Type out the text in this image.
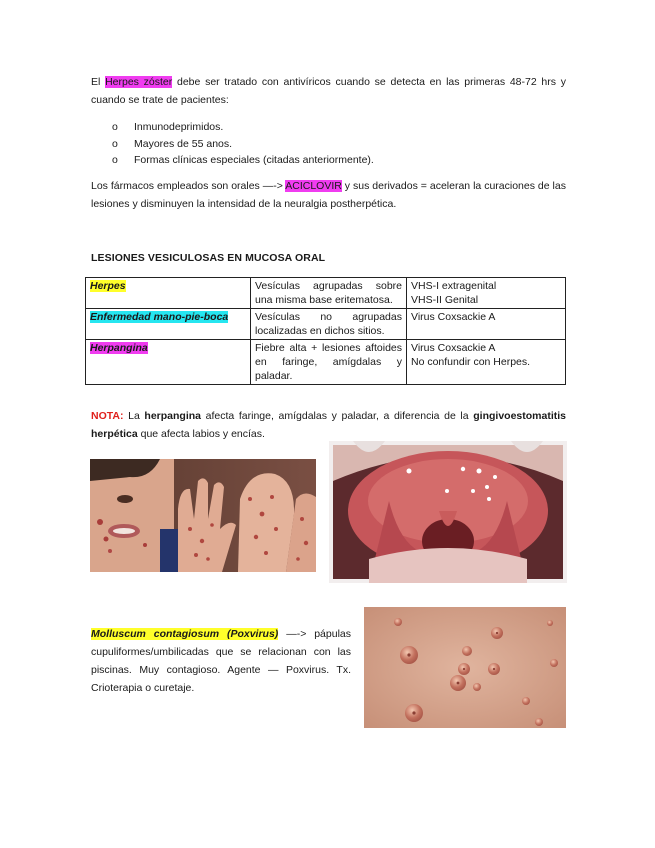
El Herpes zóster debe ser tratado con antivíricos cuando se detecta en las primeras 48-72 hrs y cuando se trate de pacientes:
o Inmunodeprimidos.
o Mayores de 55 anos.
o Formas clínicas especiales (citadas anteriormente).
Los fármacos empleados son orales —-> ACICLOVIR y sus derivados = aceleran la curaciones de las lesiones y disminuyen la intensidad de la neuralgia postherpética.
LESIONES VESICULOSAS EN MUCOSA ORAL
Herpes	Vesículas agrupadas sobre una misma base eritematosa.	VHS-I extragenital
VHS-II Genital

Enfermedad mano-pie-boca	Vesículas no agrupadas localizadas en dichos sitios.	Virus Coxsackie A

Herpangina	Fiebre alta + lesiones aftoides en faringe, amígdalas y paladar.	Virus Coxsackie A
No confundir con Herpes.
NOTA: La herpangina afecta faringe, amígdalas y paladar, a diferencia de la gingivoestomatitis herpética que afecta labios y encías.
Molluscum contagiosum (Poxvirus) —-> pápulas cupuliformes/umbilicadas que se relacionan con las piscinas. Muy contagioso. Agente — Poxvirus. Tx. Crioterapia o curetaje.
